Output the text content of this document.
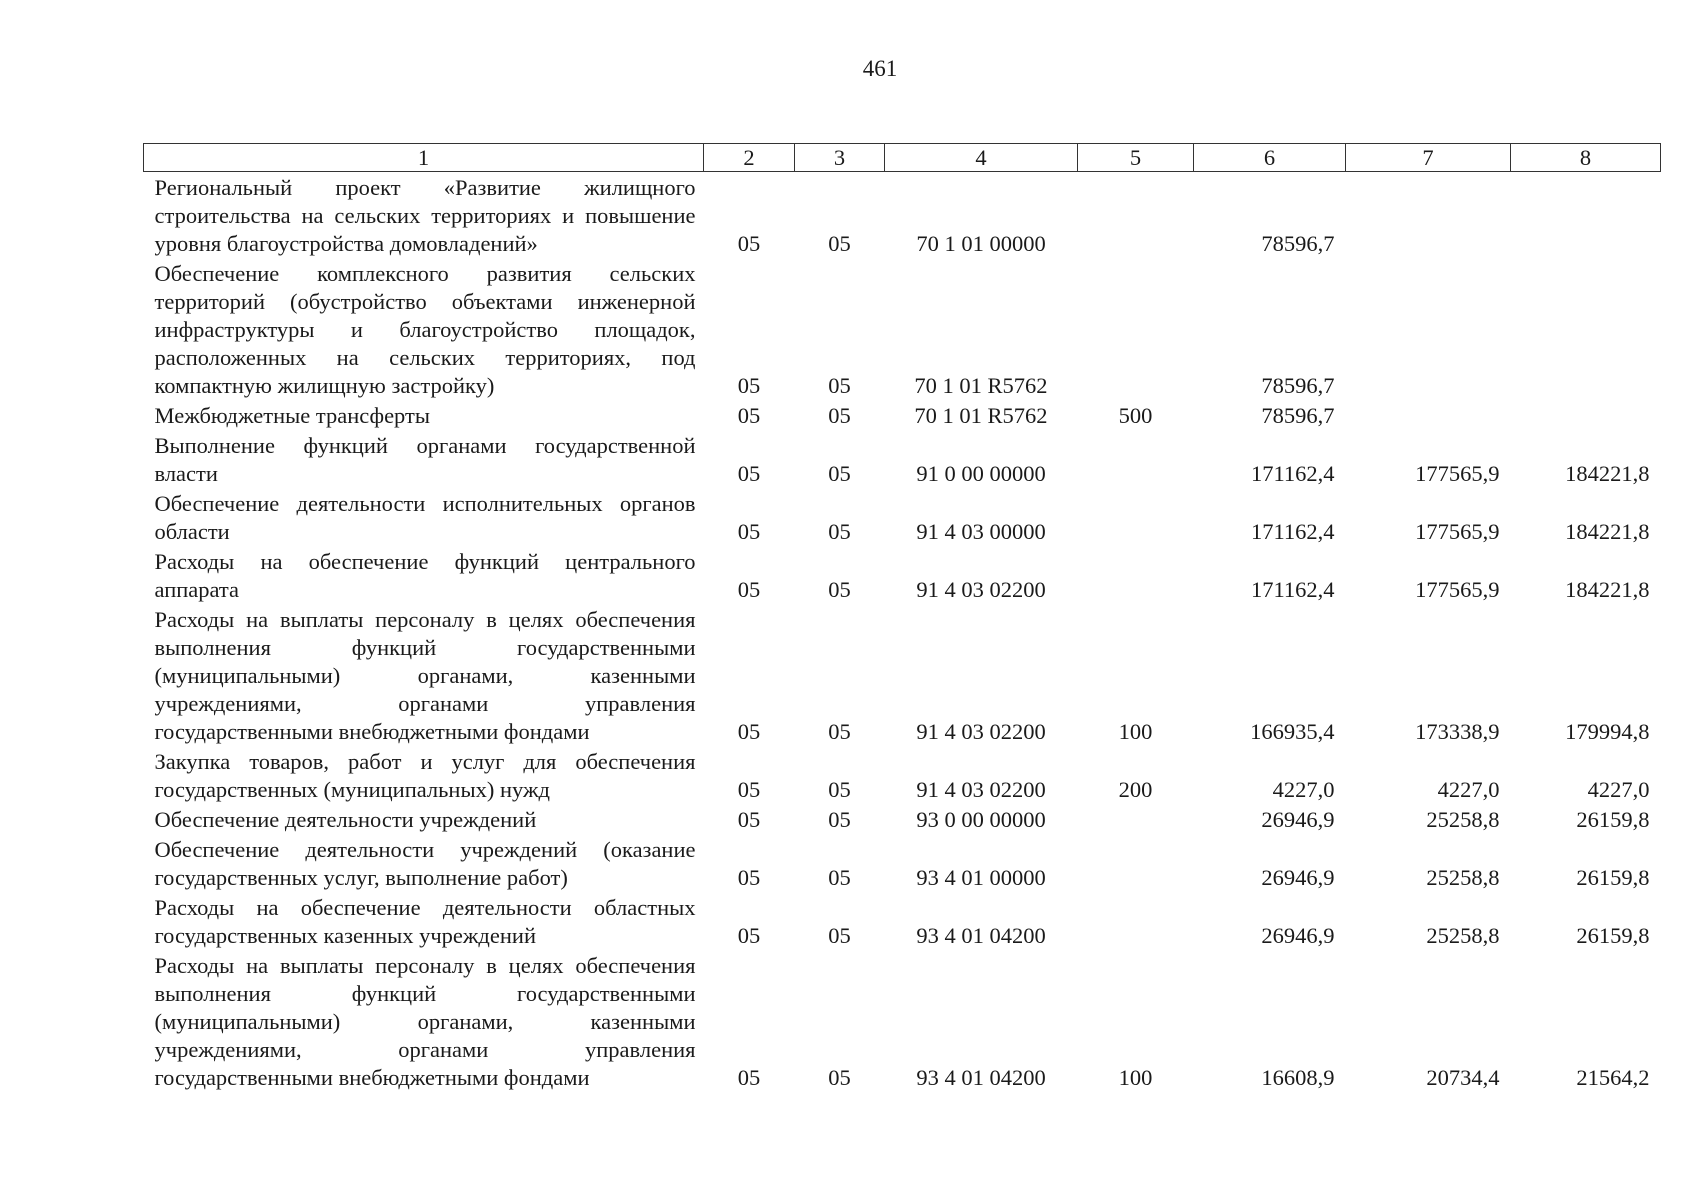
461
1	2	3	4	5	6	7	8
Региональный проект «Развитие жилищного строительства на сельских территориях и повышение уровня благоустройства домовладений»	05	05	70 1 01 00000		78596,7		
Обеспечение комплексного развития сельских территорий (обустройство объектами инженерной инфраструктуры и благоустройство площадок, расположенных на сельских территориях, под компактную жилищную застройку)	05	05	70 1 01 R5762		78596,7		
Межбюджетные трансферты	05	05	70 1 01 R5762	500	78596,7		
Выполнение функций органами государственной власти	05	05	91 0 00 00000		171162,4	177565,9	184221,8
Обеспечение деятельности исполнительных органов области	05	05	91 4 03 00000		171162,4	177565,9	184221,8
Расходы на обеспечение функций центрального аппарата	05	05	91 4 03 02200		171162,4	177565,9	184221,8
Расходы на выплаты персоналу в целях обеспечения выполнения функций государственными (муниципальными) органами, казенными учреждениями, органами управления государственными внебюджетными фондами	05	05	91 4 03 02200	100	166935,4	173338,9	179994,8
Закупка товаров, работ и услуг для обеспечения государственных (муниципальных) нужд	05	05	91 4 03 02200	200	4227,0	4227,0	4227,0
Обеспечение деятельности учреждений	05	05	93 0 00 00000		26946,9	25258,8	26159,8
Обеспечение деятельности учреждений (оказание государственных услуг, выполнение работ)	05	05	93 4 01 00000		26946,9	25258,8	26159,8
Расходы на обеспечение деятельности областных государственных казенных учреждений	05	05	93 4 01 04200		26946,9	25258,8	26159,8
Расходы на выплаты персоналу в целях обеспечения выполнения функций государственными (муниципальными) органами, казенными учреждениями, органами управления государственными внебюджетными фондами	05	05	93 4 01 04200	100	16608,9	20734,4	21564,2
